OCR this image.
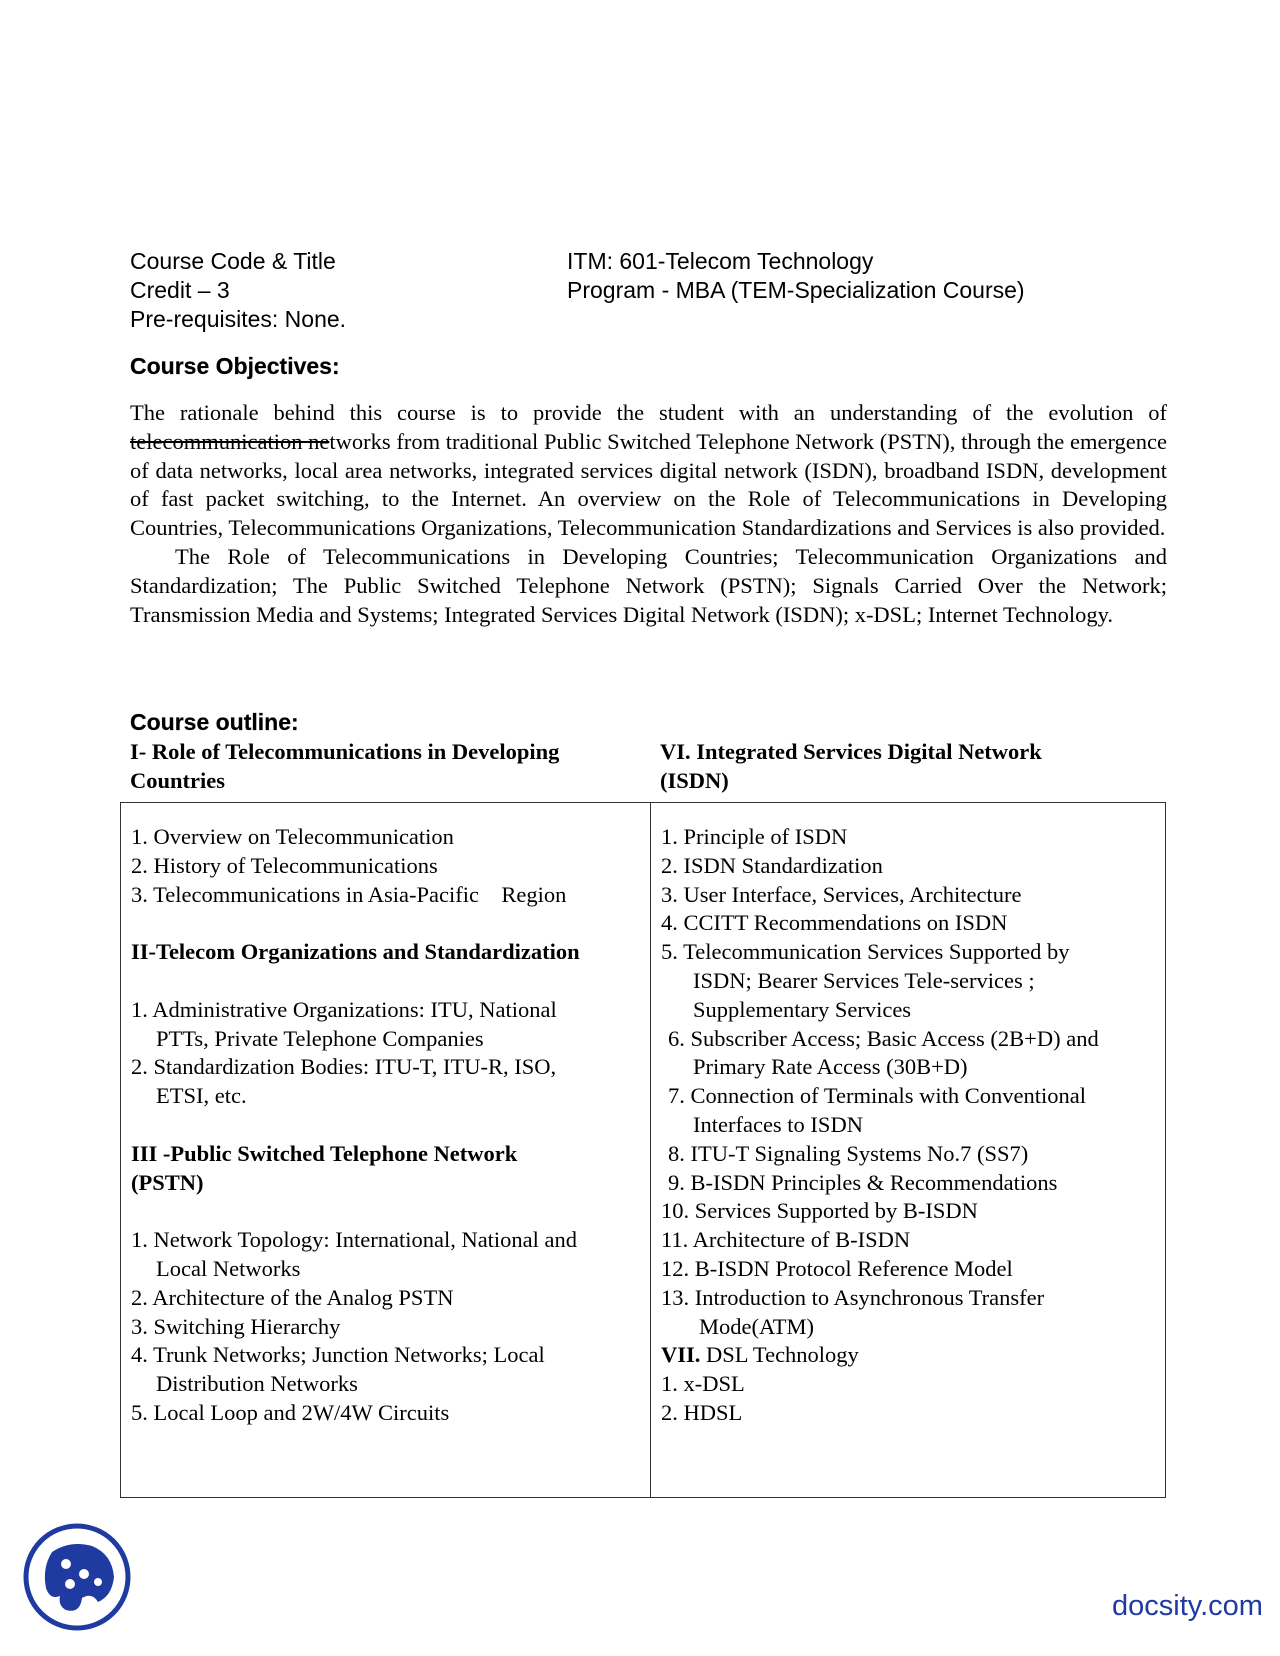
Course Code & Title	ITM: 601-Telecom Technology
Credit – 3	Program - MBA (TEM-Specialization Course)
Pre-requisites: None.
Course Objectives:

The rationale behind this course is to provide the student with an understanding of the evolution of telecommunication networks from traditional Public Switched Telephone Network (PSTN), through the emergence of data networks, local area networks, integrated services digital network (ISDN), broadband ISDN, development of fast packet switching, to the Internet. An overview on the Role of Telecommunications in Developing Countries, Telecommunications Organizations, Telecommunication Standardizations and Services is also provided.

The Role of Telecommunications in Developing Countries; Telecommunication Organizations and Standardization; The Public Switched Telephone Network (PSTN); Signals Carried Over the Network; Transmission Media and Systems; Integrated Services Digital Network (ISDN); x-DSL; Internet Technology.

Course outline:
I- Role of Telecommunications in Developing
Countries
VI. Integrated Services Digital Network
(ISDN)
1. Overview on Telecommunication
2. History of Telecommunications
3. Telecommunications in Asia-Pacific    Region
II-Telecom Organizations and Standardization
1. Administrative Organizations: ITU, National
PTTs, Private Telephone Companies
2. Standardization Bodies: ITU-T, ITU-R, ISO,
ETSI, etc.
III -Public Switched Telephone Network
(PSTN)
1. Network Topology: International, National and
Local Networks
2. Architecture of the Analog PSTN
3. Switching Hierarchy
4. Trunk Networks; Junction Networks; Local
Distribution Networks
5. Local Loop and 2W/4W Circuits
1. Principle of ISDN
2. ISDN Standardization
3. User Interface, Services, Architecture
4. CCITT Recommendations on ISDN
5. Telecommunication Services Supported by
ISDN; Bearer Services Tele-services ;
Supplementary Services
6. Subscriber Access; Basic Access (2B+D) and
Primary Rate Access (30B+D)
7. Connection of Terminals with Conventional
Interfaces to ISDN
8. ITU-T Signaling Systems No.7 (SS7)
9. B-ISDN Principles & Recommendations
10. Services Supported by B-ISDN
11. Architecture of B-ISDN
12. B-ISDN Protocol Reference Model
13. Introduction to Asynchronous Transfer
Mode(ATM)
VII. DSL Technology
1. x-DSL
2. HDSL
docsity.com
